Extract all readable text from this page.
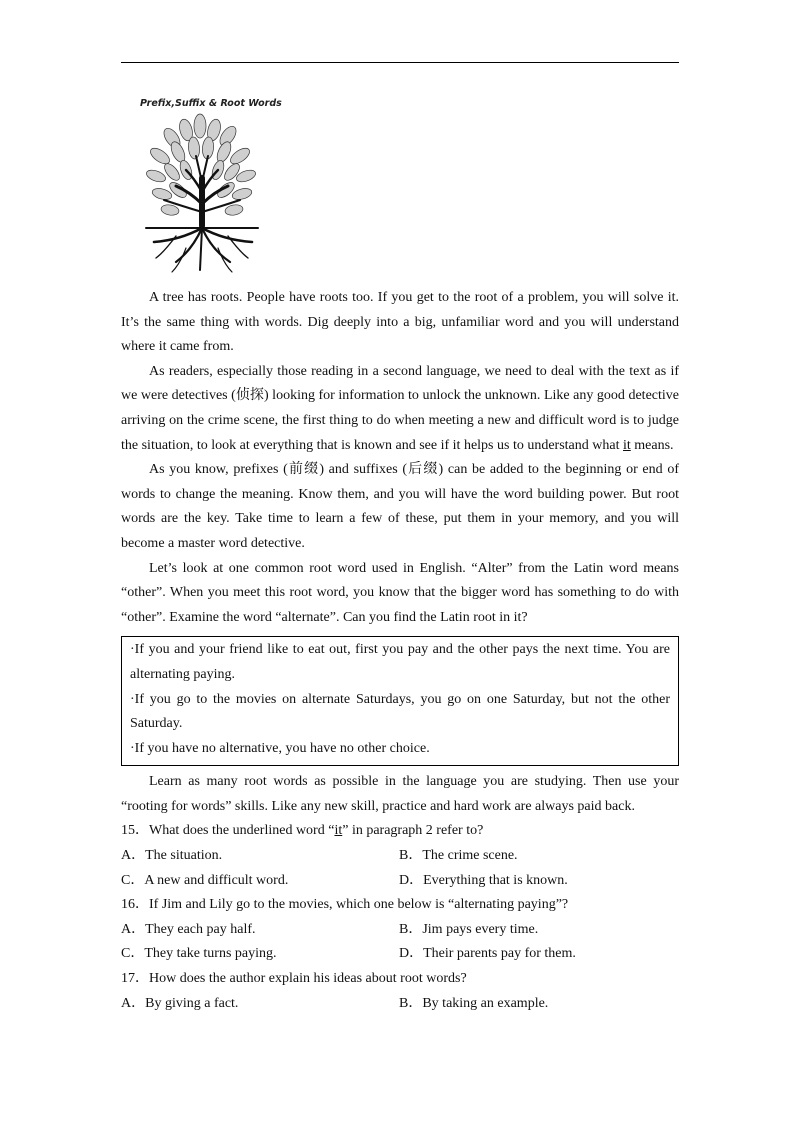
Prefix,Suffix & Root Words

A tree has roots. People have roots too. If you get to the root of a problem, you will solve it. It’s the same thing with words. Dig deeply into a big, unfamiliar word and you will understand where it came from.

As readers, especially those reading in a second language, we need to deal with the text as if we were detectives (侦探) looking for information to unlock the unknown. Like any good detective arriving on the crime scene, the first thing to do when meeting a new and difficult word is to judge the situation, to look at everything that is known and see if it helps us to understand what it means.

As you know, prefixes (前缀) and suffixes (后缀) can be added to the beginning or end of words to change the meaning. Know them, and you will have the word building power. But root words are the key. Take time to learn a few of these, put them in your memory, and you will become a master word detective.

Let’s look at one common root word used in English. “Alter” from the Latin word means “other”. When you meet this root word, you know that the bigger word has something to do with “other”. Examine the word “alternate”. Can you find the Latin root in it?

·If you and your friend like to eat out, first you pay and the other pays the next time. You are alternating paying.

·If you go to the movies on alternate Saturdays, you go on one Saturday, but not the other Saturday.

·If you have no alternative, you have no other choice.

Learn as many root words as possible in the language you are studying. Then use your “rooting for words” skills. Like any new skill, practice and hard work are always paid back.

15．What does the underlined word “it” in paragraph 2 refer to?

A．The situation.	B．The crime scene.
C．A new and difficult word.	D．Everything that is known.

16．If Jim and Lily go to the movies, which one below is “alternating paying”?

A．They each pay half.	B．Jim pays every time.
C．They take turns paying.	D．Their parents pay for them.

17．How does the author explain his ideas about root words?

A．By giving a fact.	B．By taking an example.
